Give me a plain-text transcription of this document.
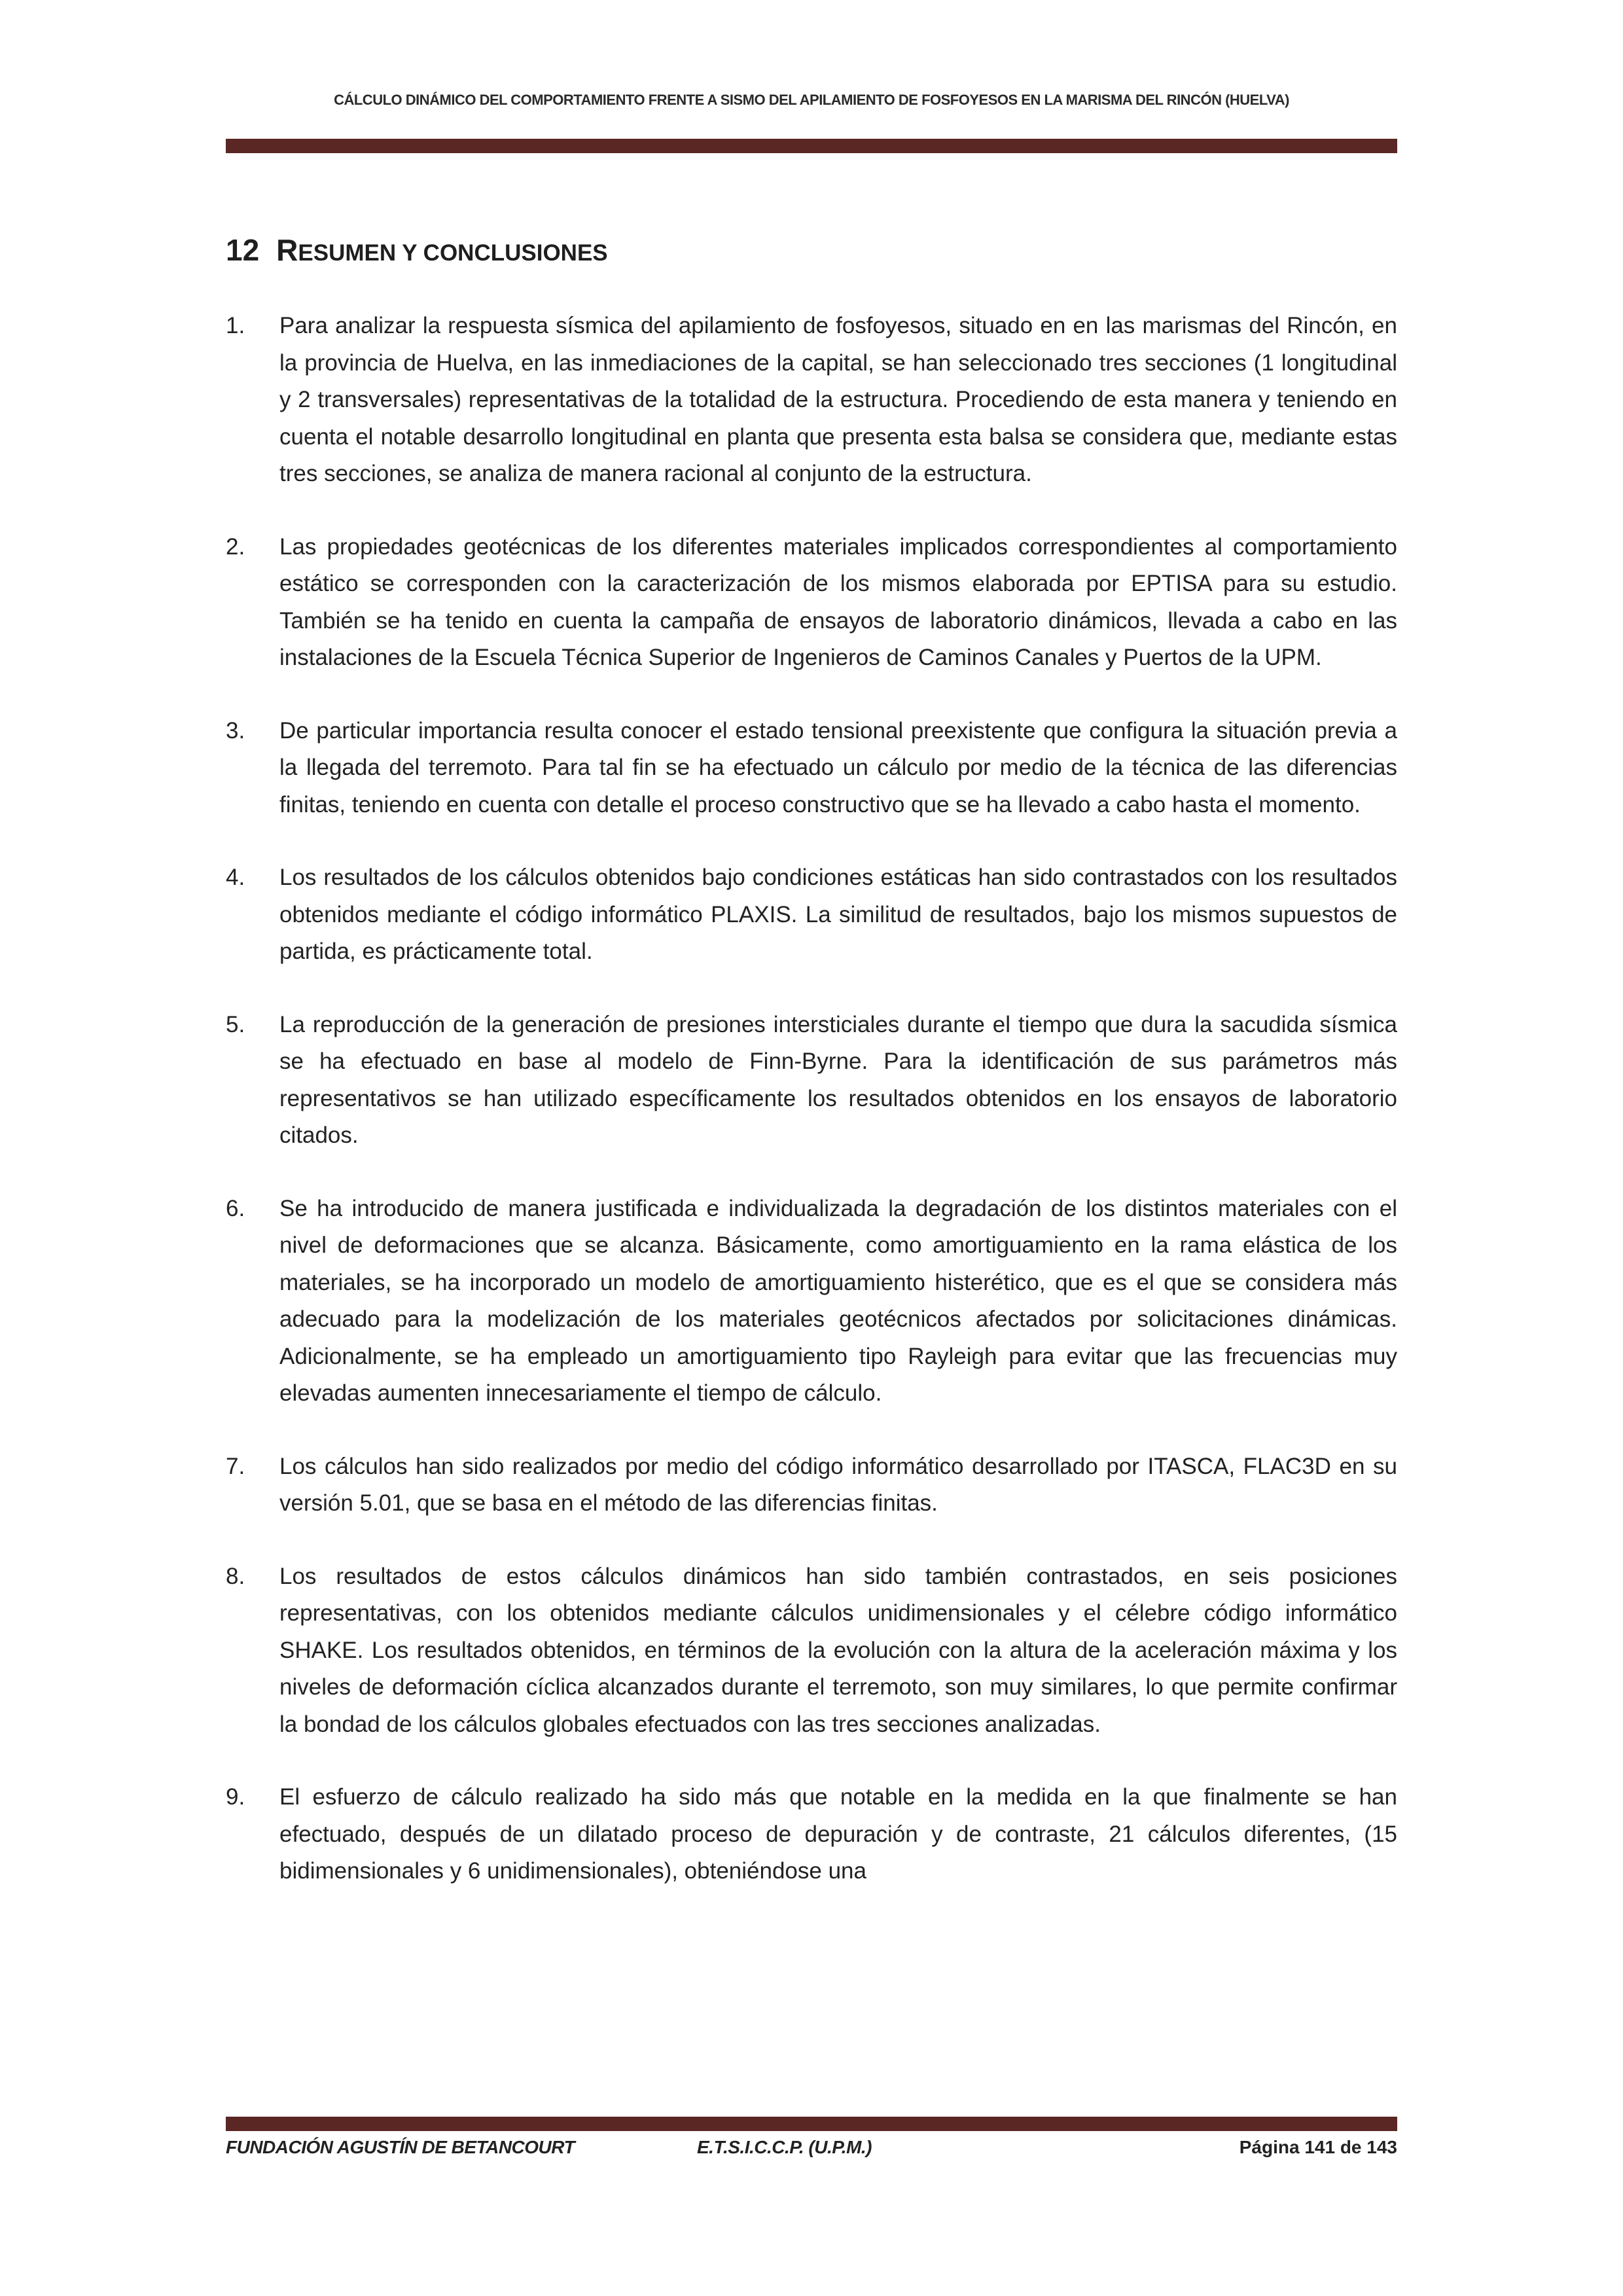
CÁLCULO DINÁMICO DEL COMPORTAMIENTO FRENTE A SISMO DEL APILAMIENTO DE FOSFOYESOS EN LA MARISMA DEL RINCÓN (HUELVA)
12 RESUMEN Y CONCLUSIONES
1.	Para analizar la respuesta sísmica del apilamiento de fosfoyesos, situado en en las marismas del Rincón, en la provincia de Huelva, en las inmediaciones de la capital, se han seleccionado tres secciones (1 longitudinal y 2 transversales) representativas de la totalidad de la estructura. Procediendo de esta manera y teniendo en cuenta el notable desarrollo longitudinal en planta que presenta esta balsa se considera que, mediante estas tres secciones, se analiza de manera racional al conjunto de la estructura.
2.	Las propiedades geotécnicas de los diferentes materiales implicados correspondientes al comportamiento estático se corresponden con la caracterización de los mismos elaborada por EPTISA para su estudio. También se ha tenido en cuenta la campaña de ensayos de laboratorio dinámicos, llevada a cabo en las instalaciones de la Escuela Técnica Superior de Ingenieros de Caminos Canales y Puertos de la UPM.
3.	De particular importancia resulta conocer el estado tensional preexistente que configura la situación previa a la llegada del terremoto. Para tal fin se ha efectuado un cálculo por medio de la técnica de las diferencias finitas, teniendo en cuenta con detalle el proceso constructivo que se ha llevado a cabo hasta el momento.
4.	Los resultados de los cálculos obtenidos bajo condiciones estáticas han sido contrastados con los resultados obtenidos mediante el código informático PLAXIS. La similitud de resultados, bajo los mismos supuestos de partida, es prácticamente total.
5.	La reproducción de la generación de presiones intersticiales durante el tiempo que dura la sacudida sísmica se ha efectuado en base al modelo de Finn-Byrne. Para la identificación de sus parámetros más representativos se han utilizado específicamente los resultados obtenidos en los ensayos de laboratorio citados.
6.	Se ha introducido de manera justificada e individualizada la degradación de los distintos materiales con el nivel de deformaciones que se alcanza. Básicamente, como amortiguamiento en la rama elástica de los materiales, se ha incorporado un modelo de amortiguamiento histerético, que es el que se considera más adecuado para la modelización de los materiales geotécnicos afectados por solicitaciones dinámicas. Adicionalmente, se ha empleado un amortiguamiento tipo Rayleigh para evitar que las frecuencias muy elevadas aumenten innecesariamente el tiempo de cálculo.
7.	Los cálculos han sido realizados por medio del código informático desarrollado por ITASCA, FLAC3D en su versión 5.01, que se basa en el método de las diferencias finitas.
8.	Los resultados de estos cálculos dinámicos han sido también contrastados, en seis posiciones representativas, con los obtenidos mediante cálculos unidimensionales y el célebre código informático SHAKE. Los resultados obtenidos, en términos de la evolución con la altura de la aceleración máxima y los niveles de deformación cíclica alcanzados durante el terremoto, son muy similares, lo que permite confirmar la bondad de los cálculos globales efectuados con las tres secciones analizadas.
9.	El esfuerzo de cálculo realizado ha sido más que notable en la medida en la que finalmente se han efectuado, después de un dilatado proceso de depuración y de contraste, 21 cálculos diferentes, (15 bidimensionales y 6 unidimensionales), obteniéndose una
FUNDACIÓN AGUSTÍN DE BETANCOURT	E.T.S.I.C.C.P. (U.P.M.)	Página 141 de 143
